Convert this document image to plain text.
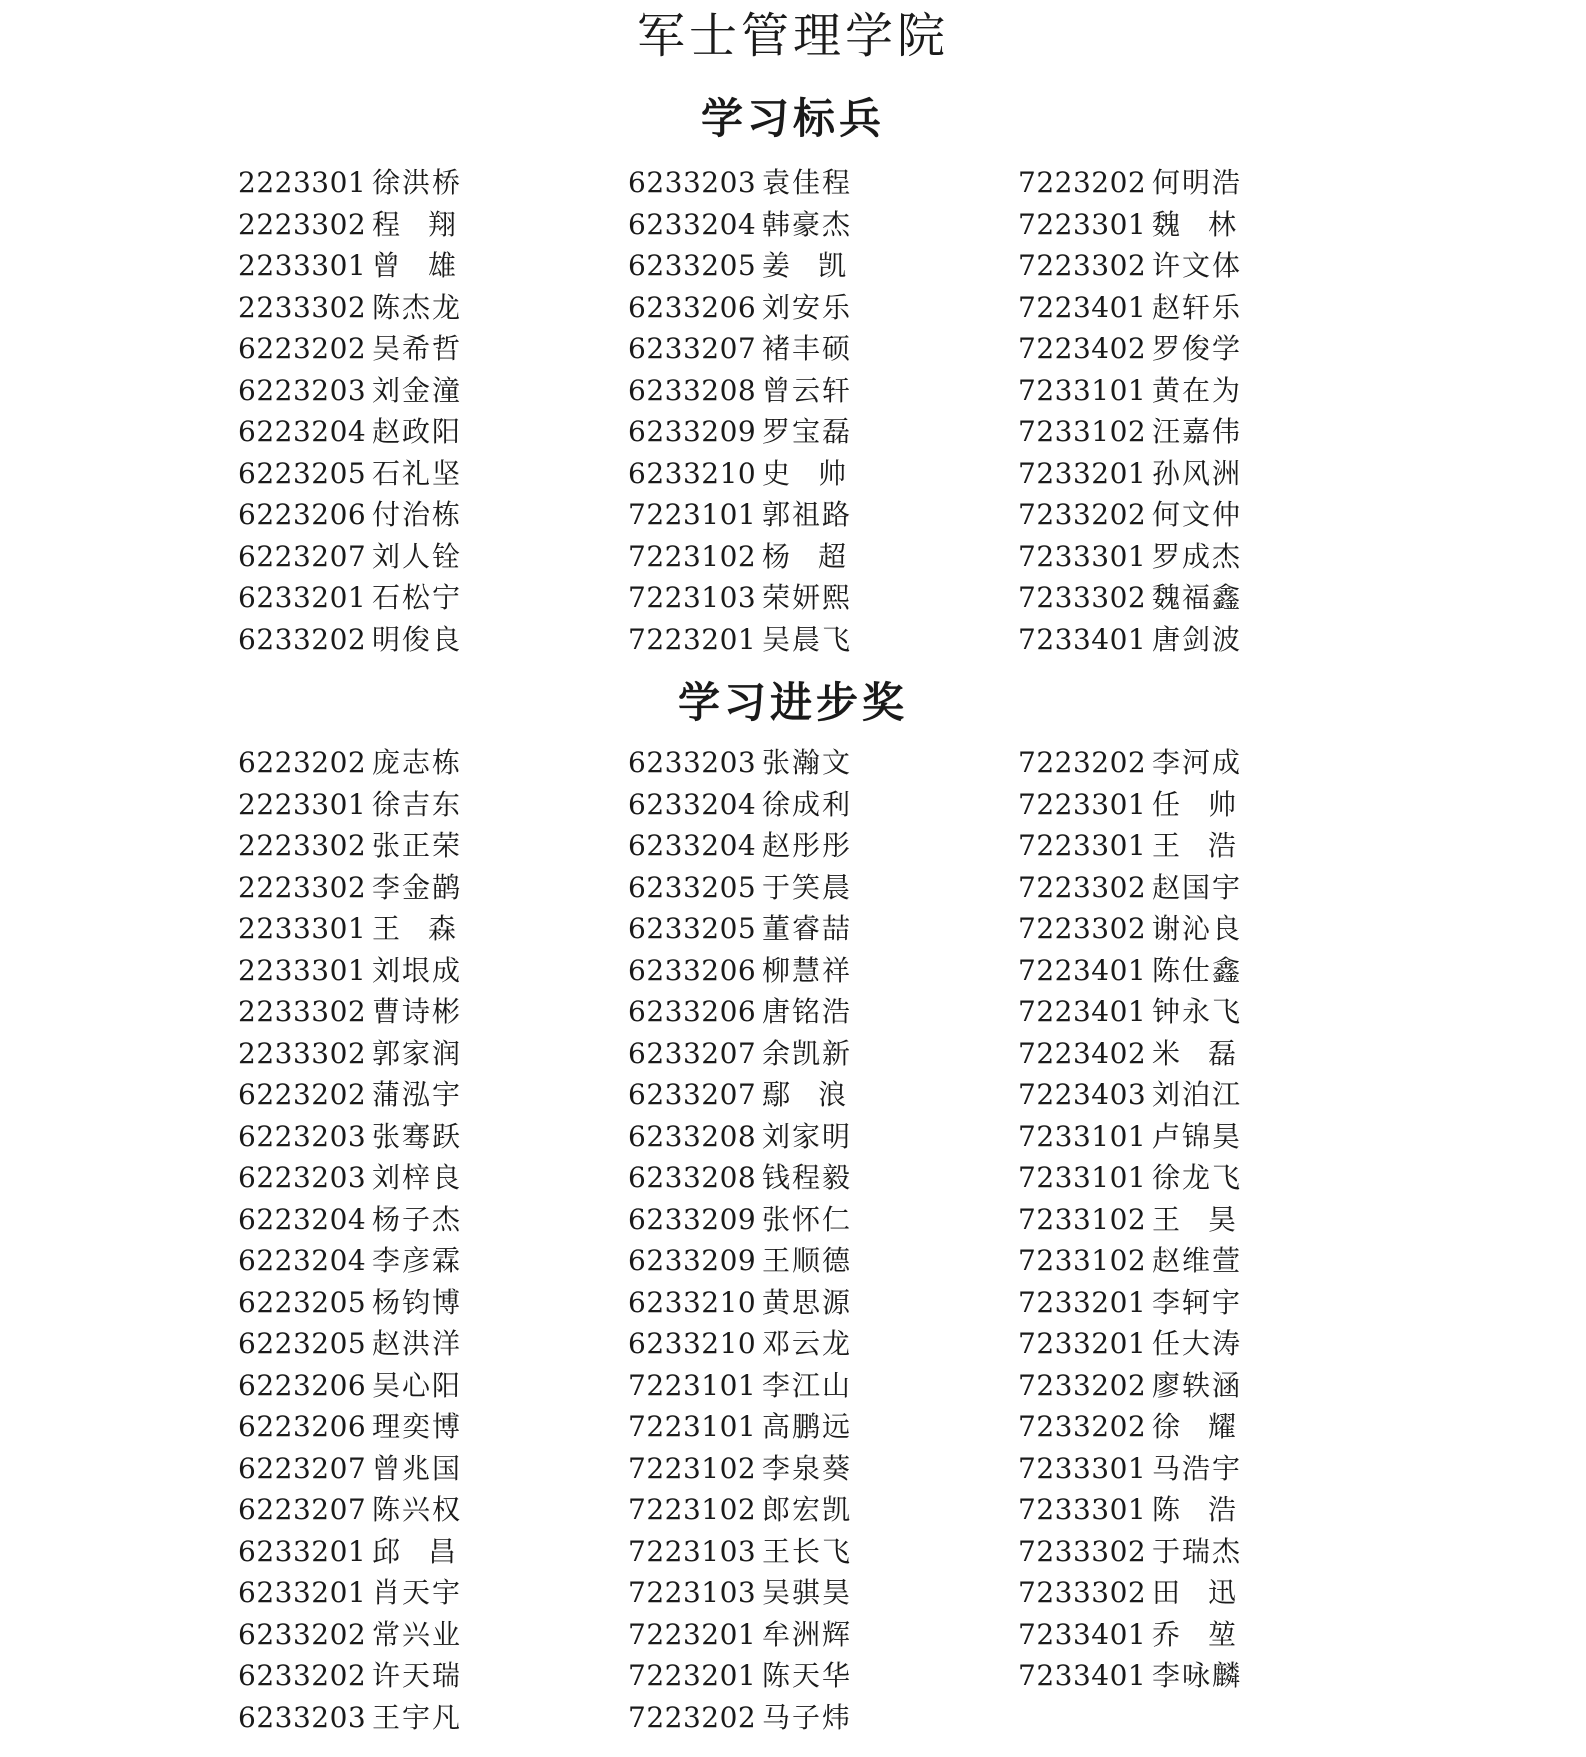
军士管理学院
学习标兵
2223301 徐洪桥
2223302 程 翔
2233301 曾 雄
2233302 陈杰龙
6223202 吴希哲
6223203 刘金潼
6223204 赵政阳
6223205 石礼坚
6223206 付治栋
6223207 刘人铨
6233201 石松宁
6233202 明俊良
6233203 袁佳程
6233204 韩豪杰
6233205 姜 凯
6233206 刘安乐
6233207 褚丰硕
6233208 曾云轩
6233209 罗宝磊
6233210 史 帅
7223101 郭祖路
7223102 杨 超
7223103 荣妍熙
7223201 吴晨飞
7223202 何明浩
7223301 魏 林
7223302 许文体
7223401 赵轩乐
7223402 罗俊学
7233101 黄在为
7233102 汪嘉伟
7233201 孙风洲
7233202 何文仲
7233301 罗成杰
7233302 魏福鑫
7233401 唐剑波
学习进步奖
6223202 庞志栋
2223301 徐吉东
2223302 张正荣
2223302 李金鹋
2233301 王 森
2233301 刘垠成
2233302 曹诗彬
2233302 郭家润
6223202 蒲泓宇
6223203 张骞跃
6223203 刘梓良
6223204 杨子杰
6223204 李彦霖
6223205 杨钧博
6223205 赵洪洋
6223206 吴心阳
6223206 理奕博
6223207 曾兆国
6223207 陈兴权
6233201 邱 昌
6233201 肖天宇
6233202 常兴业
6233202 许天瑞
6233203 王宇凡
6233203 张瀚文
6233204 徐成利
6233204 赵彤彤
6233205 于笑晨
6233205 董睿喆
6233206 柳慧祥
6233206 唐铭浩
6233207 余凯新
6233207 鄢 浪
6233208 刘家明
6233208 钱程毅
6233209 张怀仁
6233209 王顺德
6233210 黄思源
6233210 邓云龙
7223101 李江山
7223101 高鹏远
7223102 李泉葵
7223102 郎宏凯
7223103 王长飞
7223103 吴骐昊
7223201 牟洲辉
7223201 陈天华
7223202 马子炜
7223202 李河成
7223301 任 帅
7223301 王 浩
7223302 赵国宇
7223302 谢沁良
7223401 陈仕鑫
7223401 钟永飞
7223402 米 磊
7223403 刘泊江
7233101 卢锦昊
7233101 徐龙飞
7233102 王 昊
7233102 赵维萱
7233201 李轲宇
7233201 任大涛
7233202 廖轶涵
7233202 徐 耀
7233301 马浩宇
7233301 陈 浩
7233302 于瑞杰
7233302 田 迅
7233401 乔 堃
7233401 李咏麟
